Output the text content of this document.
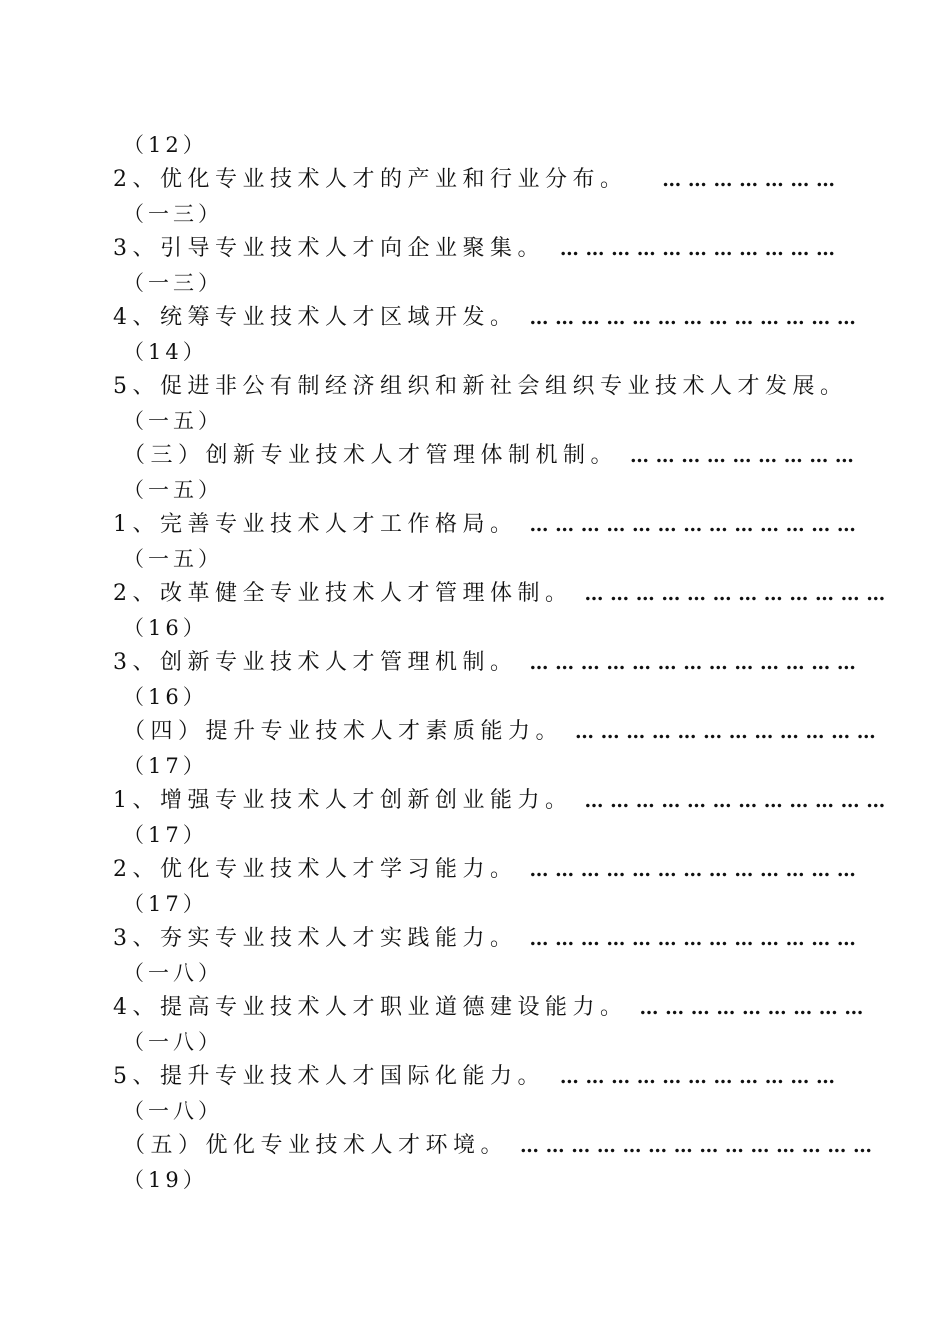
（12）
2、优化专业技术人才的产业和行业分布。	… … … … … … …
（一三）
3、引导专业技术人才向企业聚集。 … … … … … … … … … … …
（一三）
4、统筹专业技术人才区域开发。 … … … … … … … … … … … … …
（14）
5、促进非公有制经济组织和新社会组织专业技术人才发展。
（一五）
（三）创新专业技术人才管理体制机制。 … … … … … … … … …
（一五）
1、完善专业技术人才工作格局。 … … … … … … … … … … … … …
（一五）
2、改革健全专业技术人才管理体制。 … … … … … … … … … … … …
（16）
3、创新专业技术人才管理机制。 … … … … … … … … … … … … …
（16）
（四）提升专业技术人才素质能力。 … … … … … … … … … … … …
（17）
1、增强专业技术人才创新创业能力。 … … … … … … … … … … … …
（17）
2、优化专业技术人才学习能力。 … … … … … … … … … … … … …
（17）
3、夯实专业技术人才实践能力。 … … … … … … … … … … … … …
（一八）
4、提高专业技术人才职业道德建设能力。 … … … … … … … … …
（一八）
5、提升专业技术人才国际化能力。 … … … … … … … … … … …
（一八）
（五）优化专业技术人才环境。 … … … … … … … … … … … … … …
（19）
